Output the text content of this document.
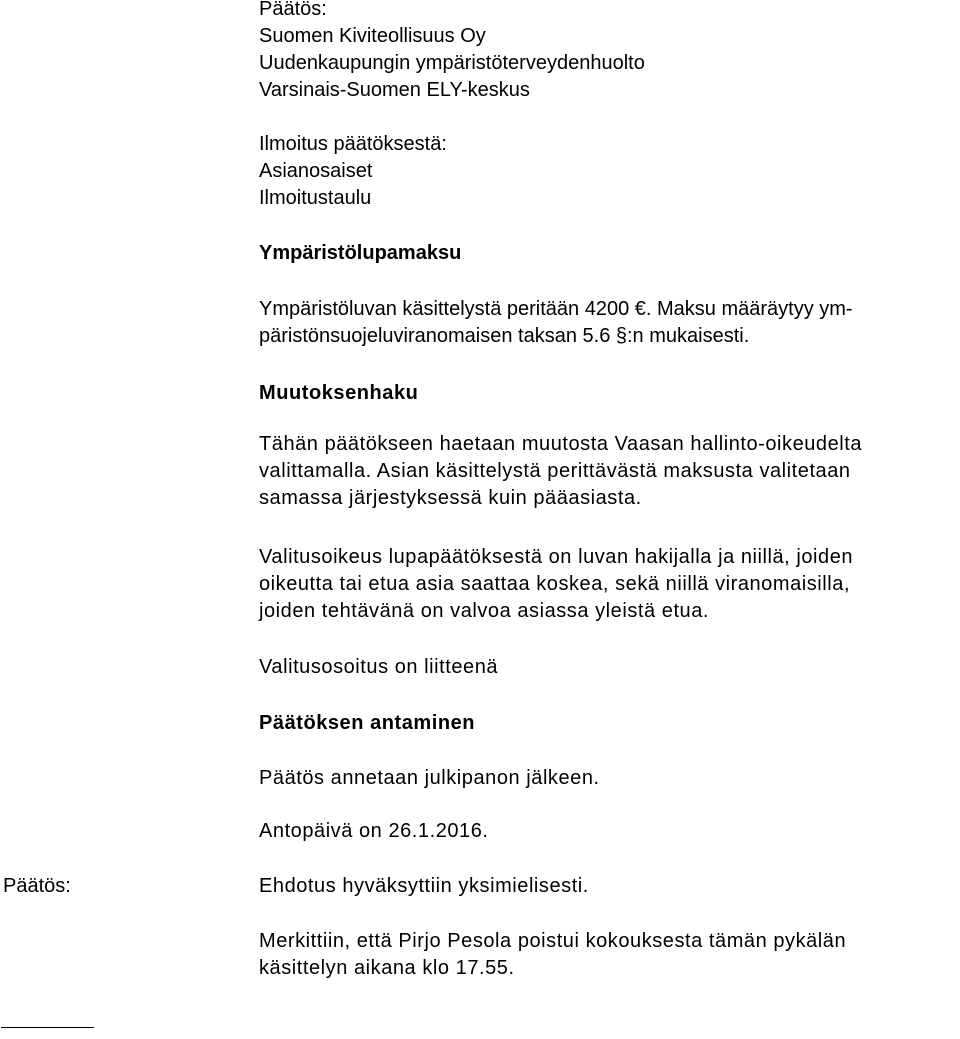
Päätös:
Suomen Kiviteollisuus Oy
Uudenkaupungin ympäristöterveydenhuolto
Varsinais-Suomen ELY-keskus
Ilmoitus päätöksestä:
Asianosaiset
Ilmoitustaulu
Ympäristölupamaksu
Ympäristöluvan käsittelystä peritään 4200 €. Maksu määräytyy ym-
päristönsuojeluviranomaisen taksan 5.6 §:n mukaisesti.
Muutoksenhaku
Tähän päätökseen haetaan muutosta Vaasan hallinto-oikeudelta
valittamalla. Asian käsittelystä perittävästä maksusta valitetaan
samassa järjestyksessä kuin pääasiasta.
Valitusoikeus lupapäätöksestä on luvan hakijalla ja niillä, joiden
oikeutta tai etua asia saattaa koskea, sekä niillä viranomaisilla,
joiden tehtävänä on valvoa asiassa yleistä etua.
Valitusosoitus on liitteenä
Päätöksen antaminen
Päätös annetaan julkipanon jälkeen.
Antopäivä on 26.1.2016.
Päätös:	Ehdotus hyväksyttiin yksimielisesti.
Merkittiin, että Pirjo Pesola poistui kokouksesta tämän pykälän
käsittelyn aikana klo 17.55.
